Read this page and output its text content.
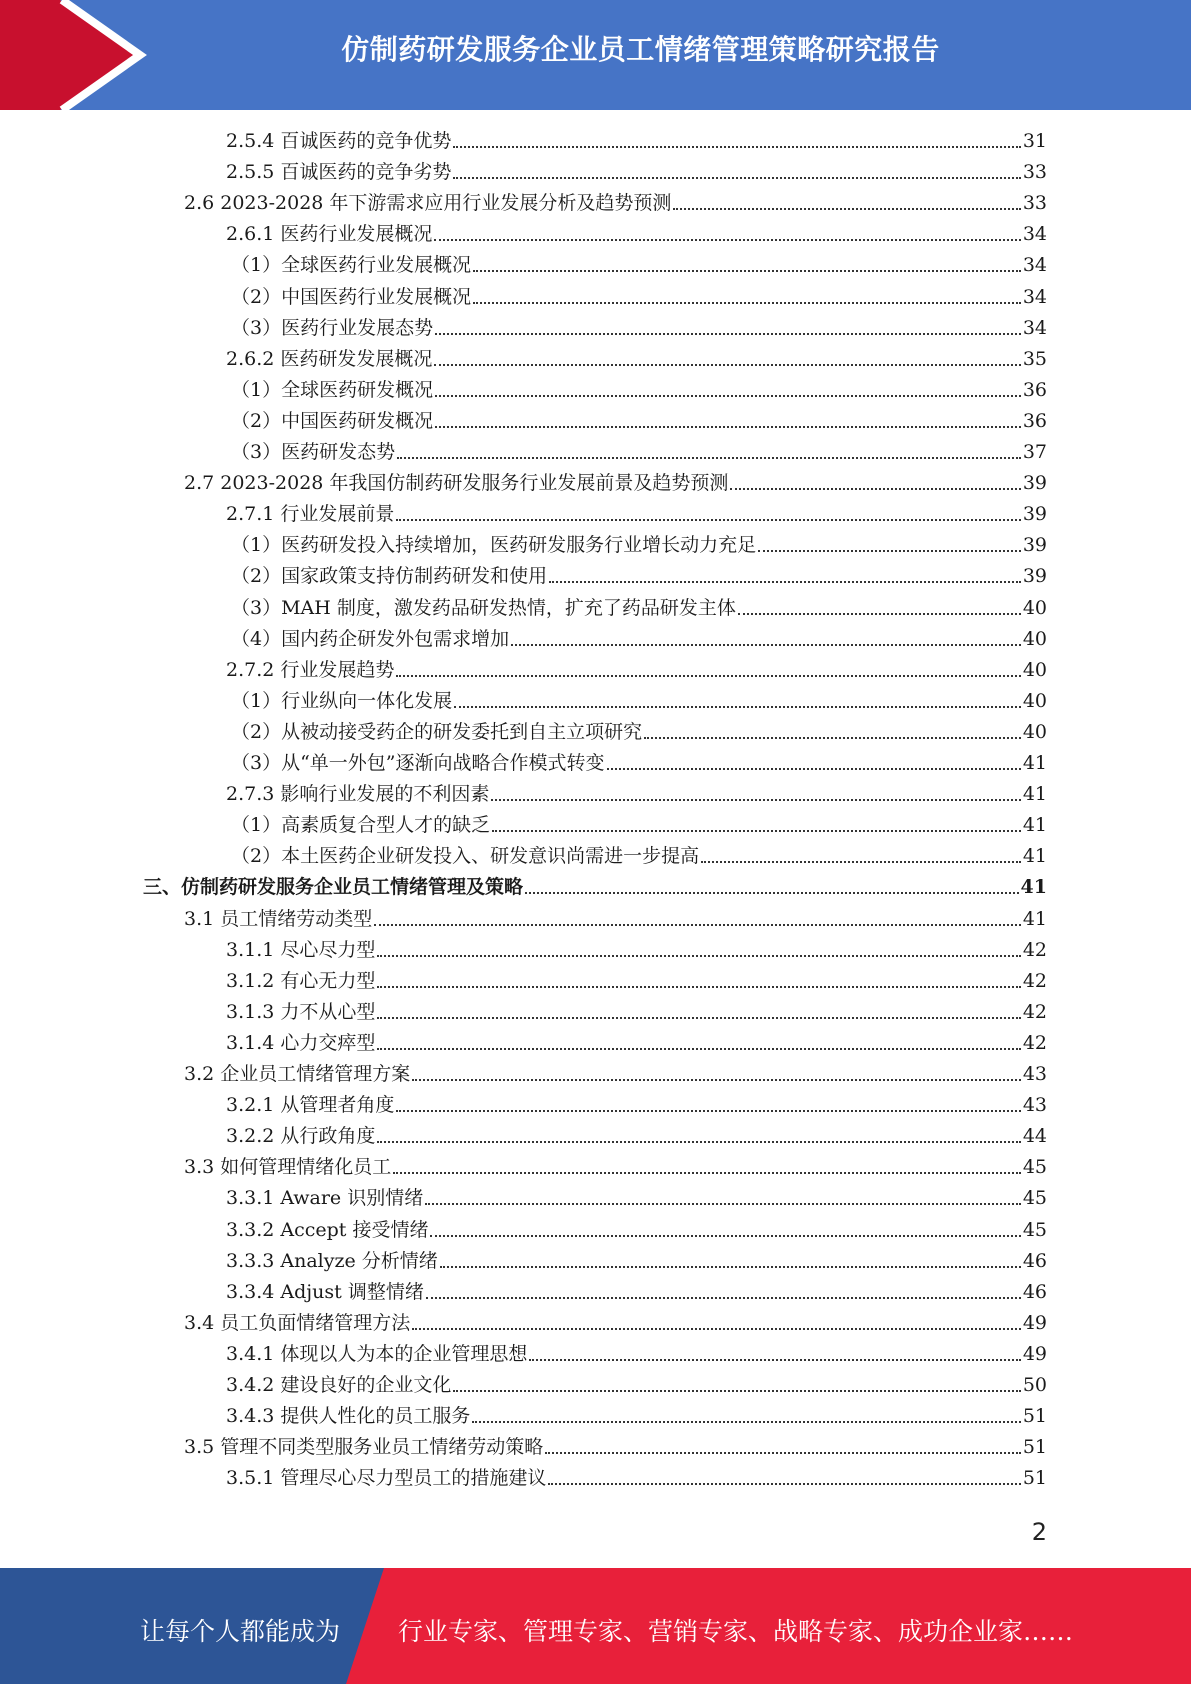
仿制药研发服务企业员工情绪管理策略研究报告
2.5.4 百诚医药的竞争优势	31
2.5.5 百诚医药的竞争劣势	33
2.6 2023-2028 年下游需求应用行业发展分析及趋势预测	33
2.6.1 医药行业发展概况	34
（1）全球医药行业发展概况	34
（2）中国医药行业发展概况	34
（3）医药行业发展态势	34
2.6.2 医药研发发展概况	35
（1）全球医药研发概况	36
（2）中国医药研发概况	36
（3）医药研发态势	37
2.7 2023-2028 年我国仿制药研发服务行业发展前景及趋势预测	39
2.7.1 行业发展前景	39
（1）医药研发投入持续增加，医药研发服务行业增长动力充足	39
（2）国家政策支持仿制药研发和使用	39
（3）MAH 制度，激发药品研发热情，扩充了药品研发主体	40
（4）国内药企研发外包需求增加	40
2.7.2 行业发展趋势	40
（1）行业纵向一体化发展	40
（2）从被动接受药企的研发委托到自主立项研究	40
（3）从“单一外包”逐渐向战略合作模式转变	41
2.7.3 影响行业发展的不利因素	41
（1）高素质复合型人才的缺乏	41
（2）本土医药企业研发投入、研发意识尚需进一步提高	41
三、仿制药研发服务企业员工情绪管理及策略	41
3.1 员工情绪劳动类型	41
3.1.1 尽心尽力型	42
3.1.2 有心无力型	42
3.1.3 力不从心型	42
3.1.4 心力交瘁型	42
3.2 企业员工情绪管理方案	43
3.2.1 从管理者角度	43
3.2.2 从行政角度	44
3.3 如何管理情绪化员工	45
3.3.1 Aware 识别情绪	45
3.3.2 Accept 接受情绪	45
3.3.3 Analyze 分析情绪	46
3.3.4 Adjust 调整情绪	46
3.4 员工负面情绪管理方法	49
3.4.1 体现以人为本的企业管理思想	49
3.4.2 建设良好的企业文化	50
3.4.3 提供人性化的员工服务	51
3.5 管理不同类型服务业员工情绪劳动策略	51
3.5.1 管理尽心尽力型员工的措施建议	51
2
让每个人都能成为 行业专家、管理专家、营销专家、战略专家、成功企业家……
